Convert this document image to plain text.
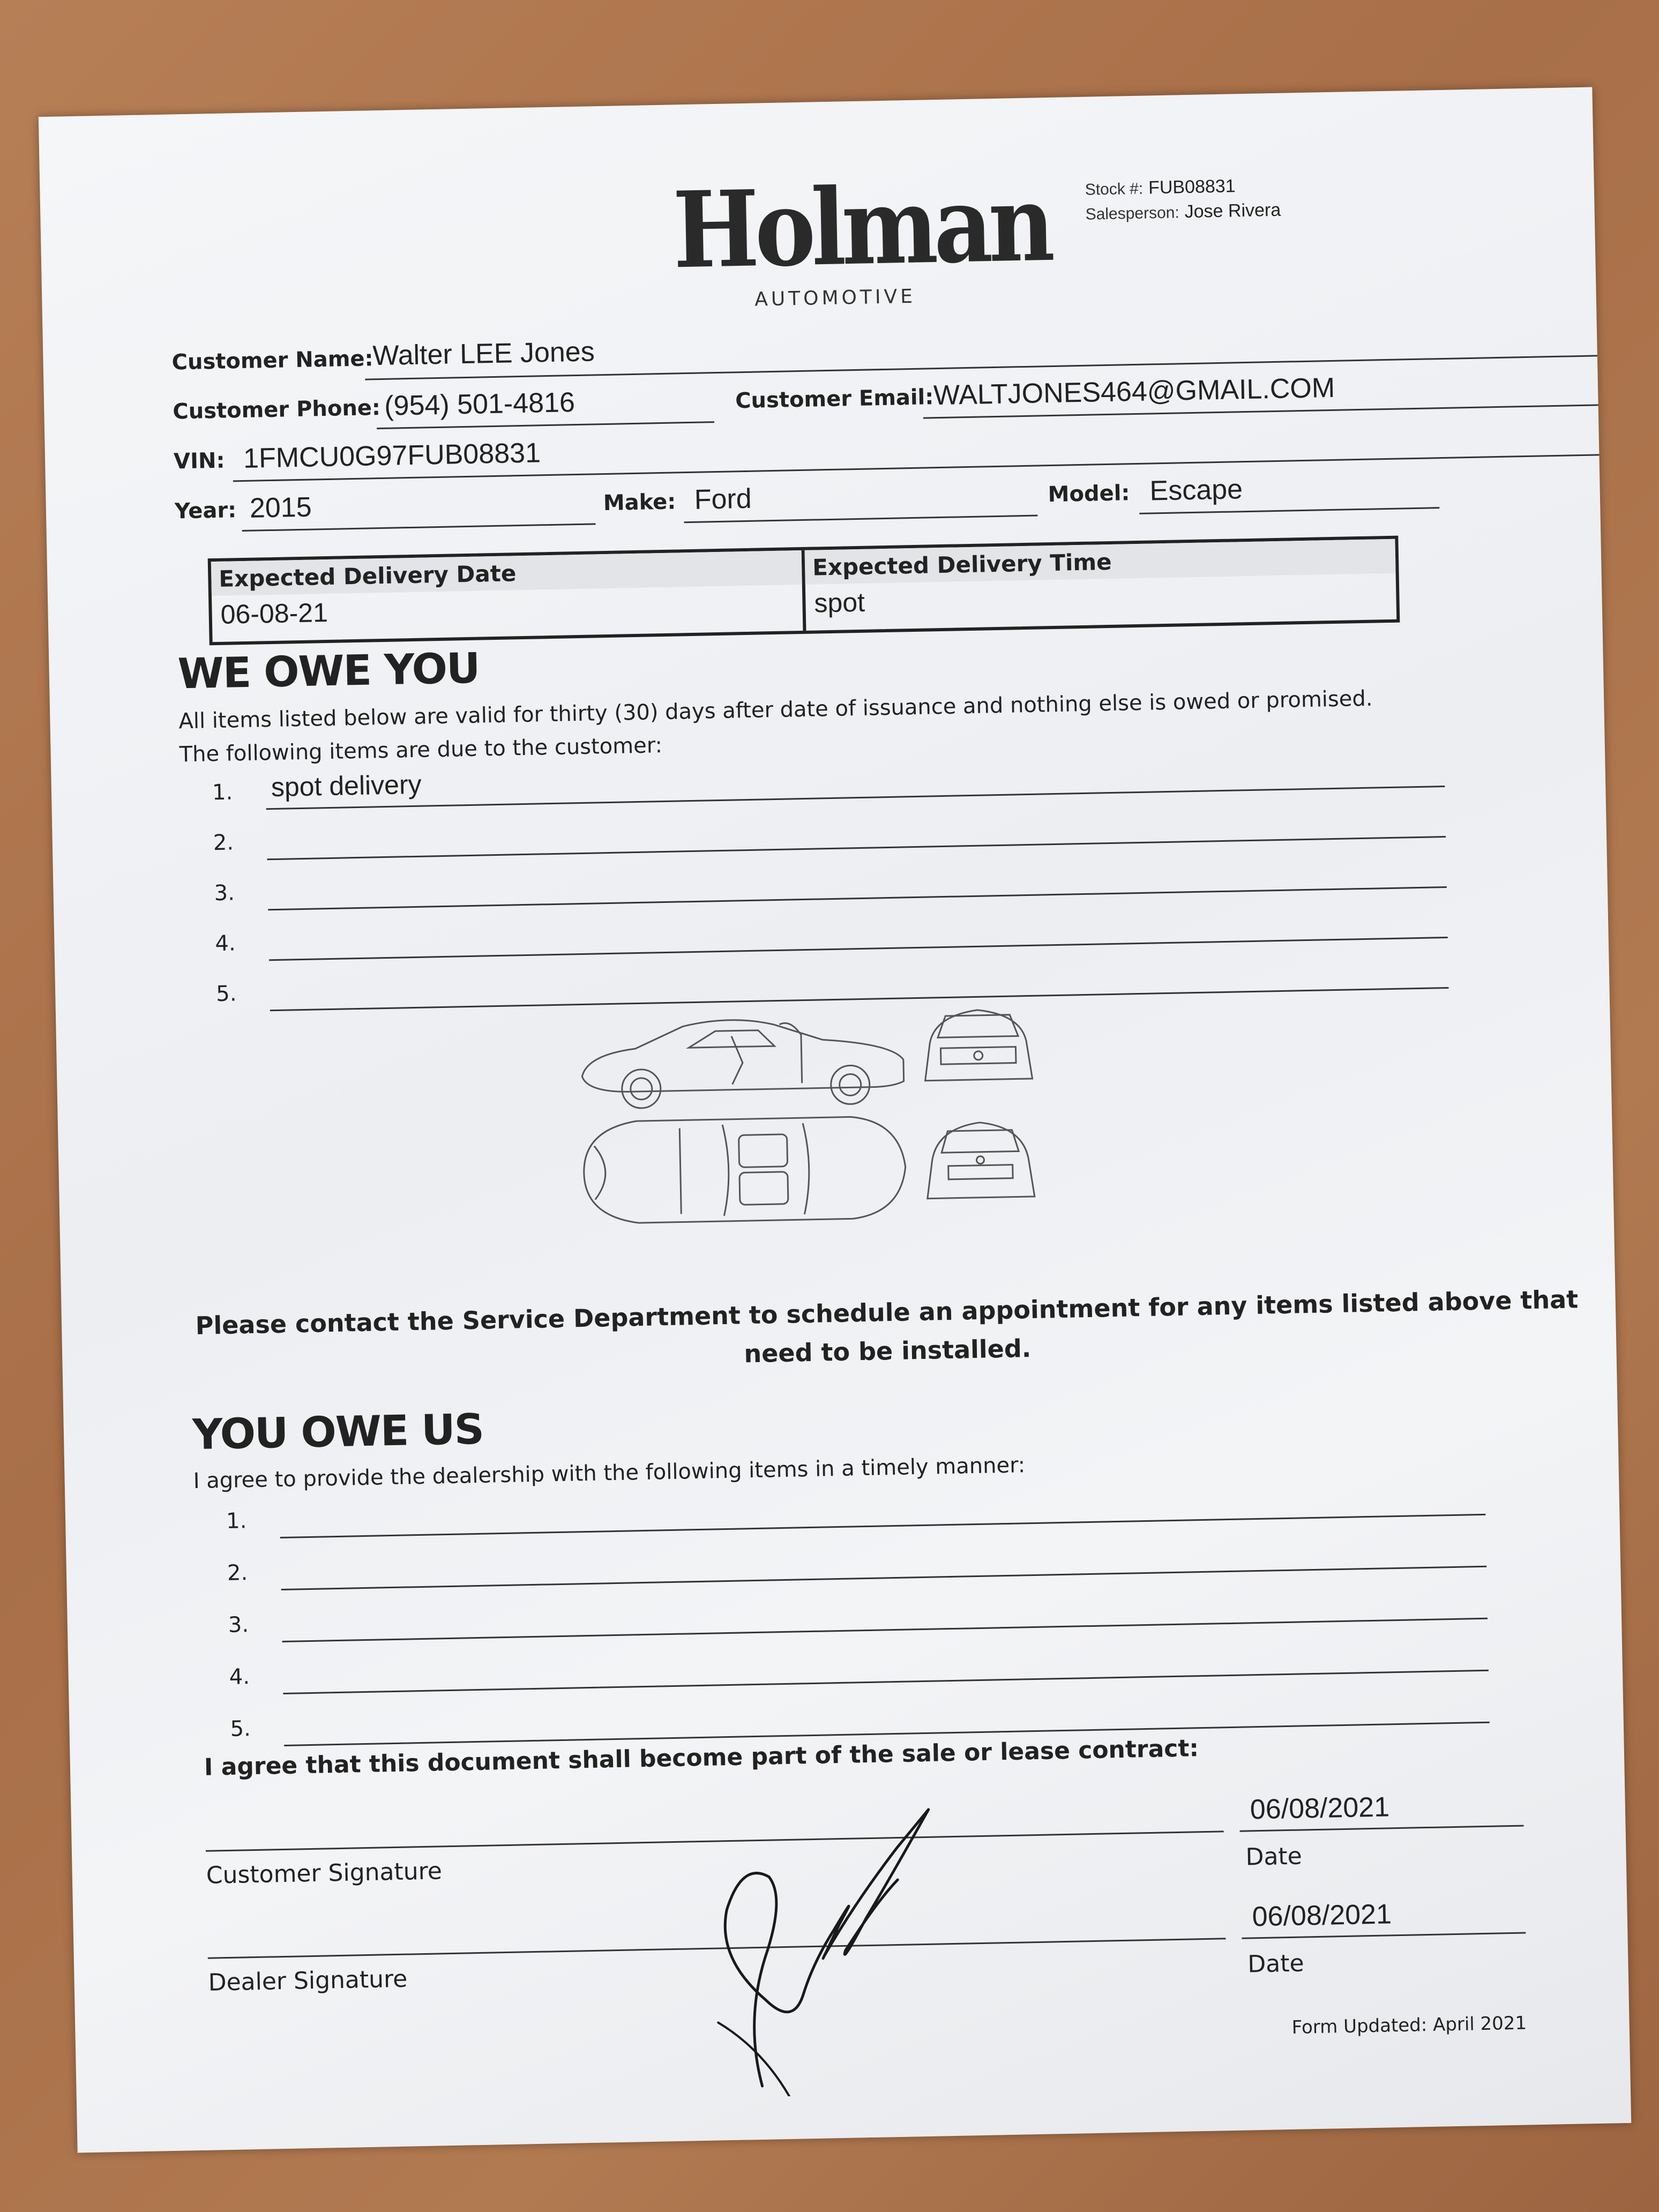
Holman
AUTOMOTIVE
Stock #: FUB08831
Salesperson: Jose Rivera
Customer Name:
Walter LEE Jones
Customer Phone: (954) 501-4816	Customer Email:
WALTJONES464@GMAIL.COM
VIN: 1FMCU0G97FUB08831
Year: 2015	Make: Ford	Model: Escape
Expected Delivery Date
06-08-21
Expected Delivery Time
spot
WE OWE YOU
All items listed below are valid for thirty (30) days after date of issuance and nothing else is owed or promised.
The following items are due to the customer:
1. spot delivery
2.
3.
4.
5.
Please contact the Service Department to schedule an appointment for any items listed above that
need to be installed.
YOU OWE US
I agree to provide the dealership with the following items in a timely manner:
1.
2.
3.
4.
5.
I agree that this document shall become part of the sale or lease contract:
Customer Signature
06/08/2021
Date
Dealer Signature
06/08/2021
Date
Form Updated: April 2021
